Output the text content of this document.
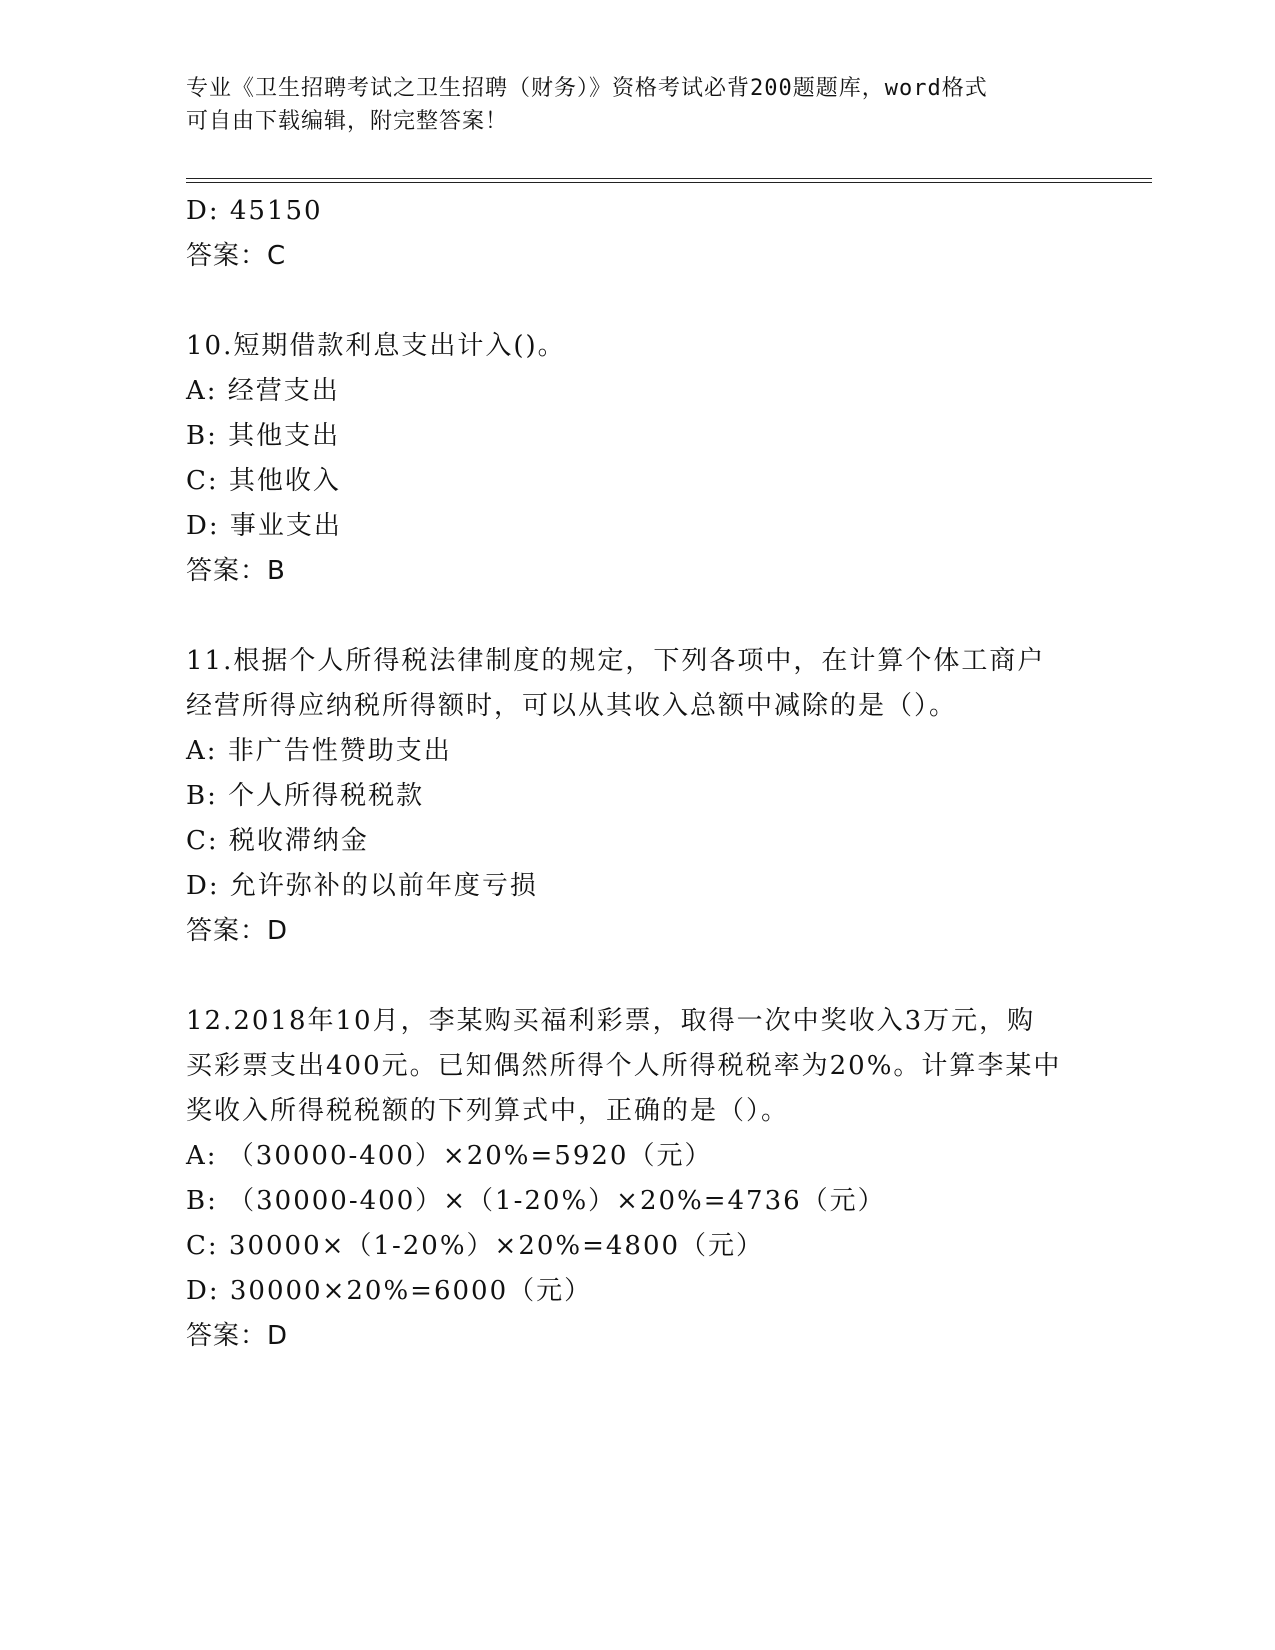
专业《卫生招聘考试之卫生招聘（财务）》资格考试必背200题题库，word格式
可自由下载编辑，附完整答案！
D: 45150
答案：C
10.短期借款利息支出计入()。
A: 经营支出
B: 其他支出
C: 其他收入
D: 事业支出
答案：B
11.根据个人所得税法律制度的规定，下列各项中，在计算个体工商户
经营所得应纳税所得额时，可以从其收入总额中减除的是（）。
A: 非广告性赞助支出
B: 个人所得税税款
C: 税收滞纳金
D: 允许弥补的以前年度亏损
答案：D
12.2018年10月，李某购买福利彩票，取得一次中奖收入3万元，购
买彩票支出400元。已知偶然所得个人所得税税率为20%。计算李某中
奖收入所得税税额的下列算式中，正确的是（）。
A: （30000-400）×20%=5920（元）
B: （30000-400）×（1-20%）×20%=4736（元）
C: 30000×（1-20%）×20%=4800（元）
D: 30000×20%=6000（元）
答案：D
